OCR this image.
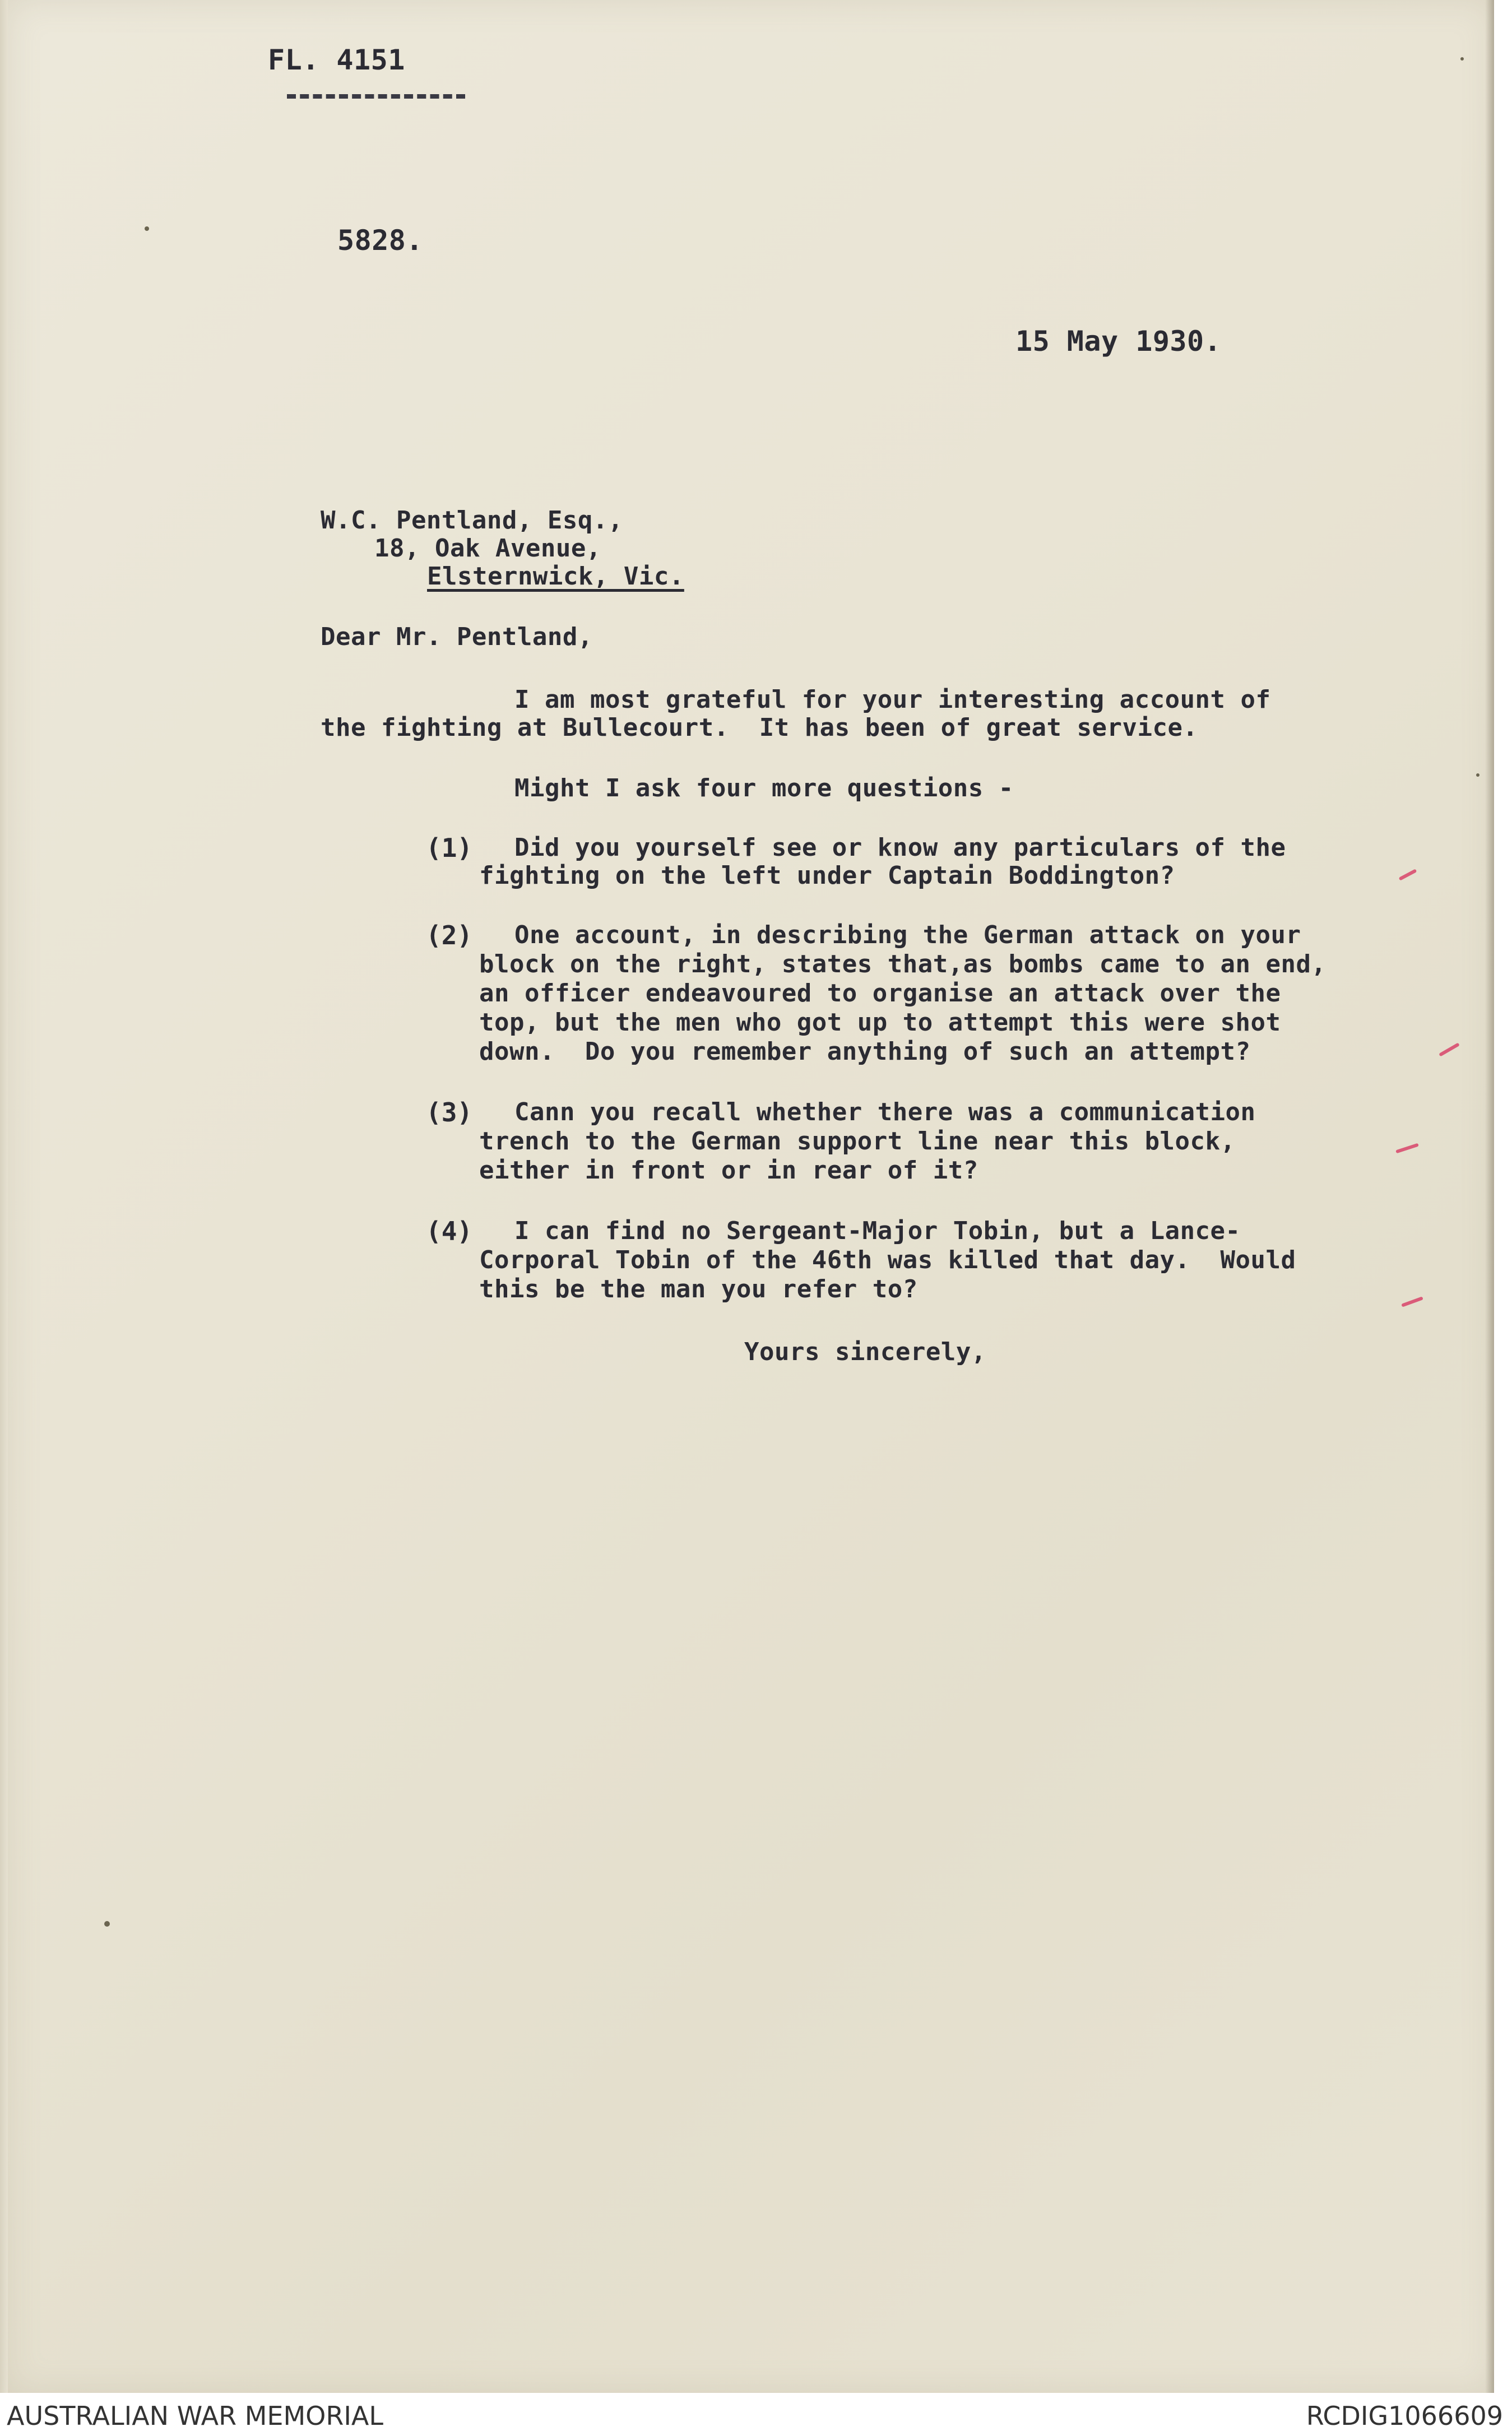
FL. 4151
5828.
15 May 1930.
W.C. Pentland, Esq.,
18, Oak Avenue,
Elsternwick, Vic.
Dear Mr. Pentland,
I am most grateful for your interesting account of
the fighting at Bullecourt.  It has been of great service.
Might I ask four more questions -
(1) Did you yourself see or know any particulars of the
fighting on the left under Captain Boddington?
(2) One account, in describing the German attack on your
block on the right, states that,as bombs came to an end,
an officer endeavoured to organise an attack over the
top, but the men who got up to attempt this were shot
down.  Do you remember anything of such an attempt?
(3) Cann you recall whether there was a communication
trench to the German support line near this block,
either in front or in rear of it?
(4) I can find no Sergeant-Major Tobin, but a Lance-
Corporal Tobin of the 46th was killed that day.  Would
this be the man you refer to?
Yours sincerely,
AUSTRALIAN WAR MEMORIAL	RCDIG1066609
